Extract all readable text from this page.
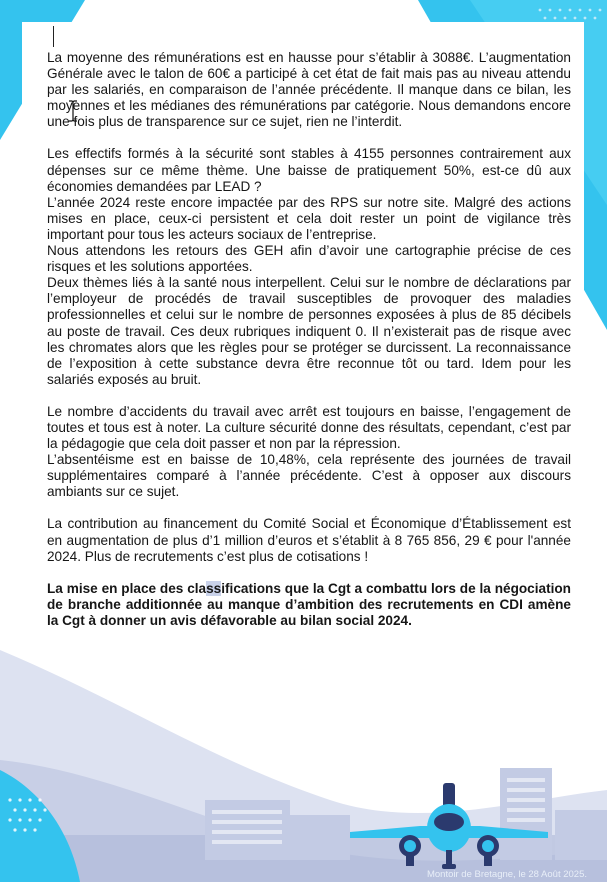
La moyenne des rémunérations est en hausse pour s’établir à 3088€. L’augmentation Générale avec le talon de 60€ a participé à cet état de fait mais pas au niveau attendu par les salariés, en comparaison de l’année précédente. Il manque dans ce bilan, les moyennes et les médianes des rémunérations par catégorie. Nous demandons encore une fois plus de transparence sur ce sujet, rien ne l’interdit.

Les effectifs formés à la sécurité sont stables à 4155 personnes contrairement aux dépenses sur ce même thème. Une baisse de pratiquement 50%, est-ce dû aux économies demandées par LEAD ?

L’année 2024 reste encore impactée par des RPS sur notre site. Malgré des actions mises en place, ceux-ci persistent et cela doit rester un point de vigilance très important pour tous les acteurs sociaux de l’entreprise.

Nous attendons les retours des GEH afin d’avoir une cartographie précise de ces risques et les solutions apportées.

Deux thèmes liés à la santé nous interpellent. Celui sur le nombre de déclarations par l’employeur de procédés de travail susceptibles de provoquer des maladies professionnelles et celui sur le nombre de personnes exposées à plus de 85 décibels au poste de travail. Ces deux rubriques indiquent 0. Il n’existerait pas de risque avec les chromates alors que les règles pour se protéger se durcissent. La reconnaissance de l’exposition à cette substance devra être reconnue tôt ou tard. Idem pour les salariés exposés au bruit.

Le nombre d’accidents du travail avec arrêt est toujours en baisse, l’engagement de toutes et tous est à noter. La culture sécurité donne des résultats, cependant, c’est par la pédagogie que cela doit passer et non par la répression.

L’absentéisme est en baisse de 10,48%, cela représente des journées de travail supplémentaires comparé à l’année précédente. C’est à opposer aux discours ambiants sur ce sujet.

La contribution au financement du Comité Social et Économique d’Établissement est en augmentation de plus d’1 million d’euros et s’établit à 8 765 856, 29 € pour l'année 2024. Plus de recrutements c’est plus de cotisations !

La mise en place des classifications que la Cgt a combattu lors de la négociation de branche additionnée au manque d’ambition des recrutements en CDI amène la Cgt à donner un avis défavorable au bilan social 2024.

Montoir de Bretagne, le 28 Août 2025.
